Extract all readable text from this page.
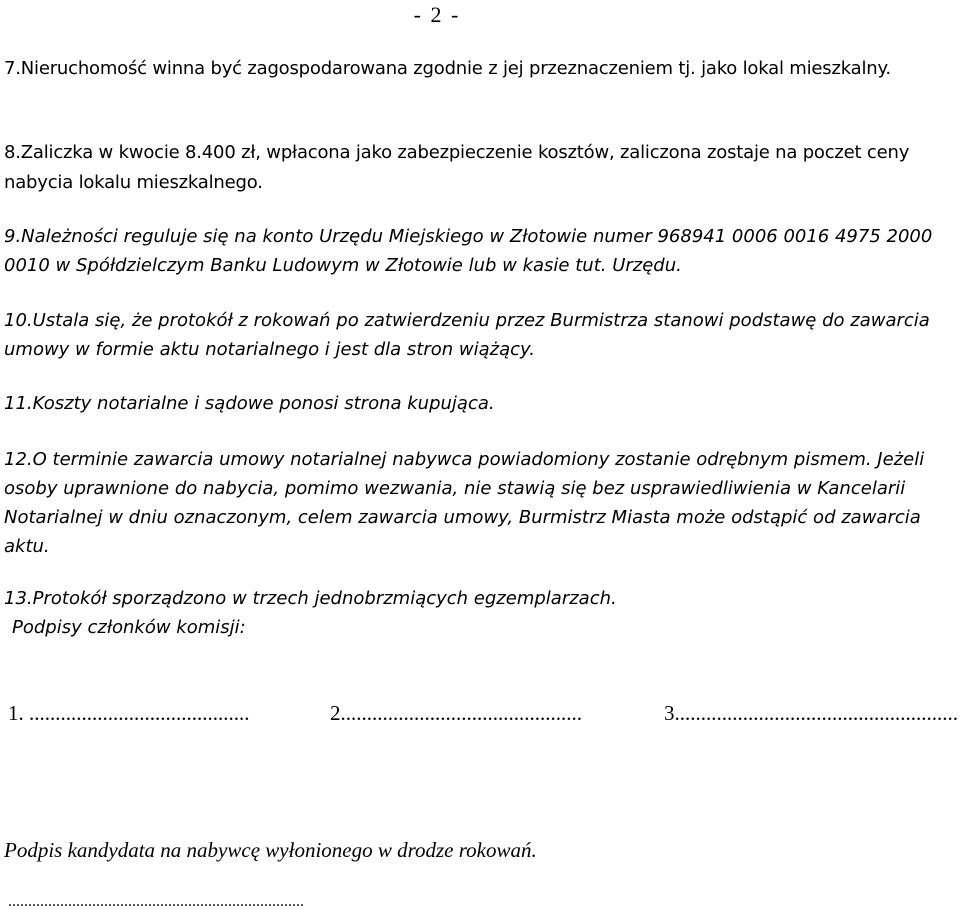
- 2 -

7.Nieruchomość winna być zagospodarowana zgodnie z jej przeznaczeniem tj. jako lokal mieszkalny.

8.Zaliczka w kwocie 8.400 zł, wpłacona jako zabezpieczenie kosztów, zaliczona zostaje na poczet ceny nabycia lokalu mieszkalnego.

9.Należności reguluje się na konto Urzędu Miejskiego w Złotowie numer 968941 0006 0016 4975 2000 0010 w Spółdzielczym Banku Ludowym w Złotowie lub w kasie tut. Urzędu.

10.Ustala się, że protokół z rokowań po zatwierdzeniu przez Burmistrza stanowi podstawę do zawarcia umowy w formie aktu notarialnego i jest dla stron wiążący.

11.Koszty notarialne i sądowe ponosi strona kupująca.

12.O terminie zawarcia umowy notarialnej nabywca powiadomiony zostanie odrębnym pismem. Jeżeli osoby uprawnione do nabycia, pomimo wezwania, nie stawią się bez usprawiedliwienia w Kancelarii Notarialnej w dniu oznaczonym, celem zawarcia umowy, Burmistrz Miasta może odstąpić od zawarcia aktu.

13.Protokół sporządzono w trzech jednobrzmiących egzemplarzach.

Podpisy członków komisji:

1. ..........................................	2..............................................	3......................................................
Podpis kandydata na nabywcę wyłonionego w drodze rokowań.
..........................................................................
